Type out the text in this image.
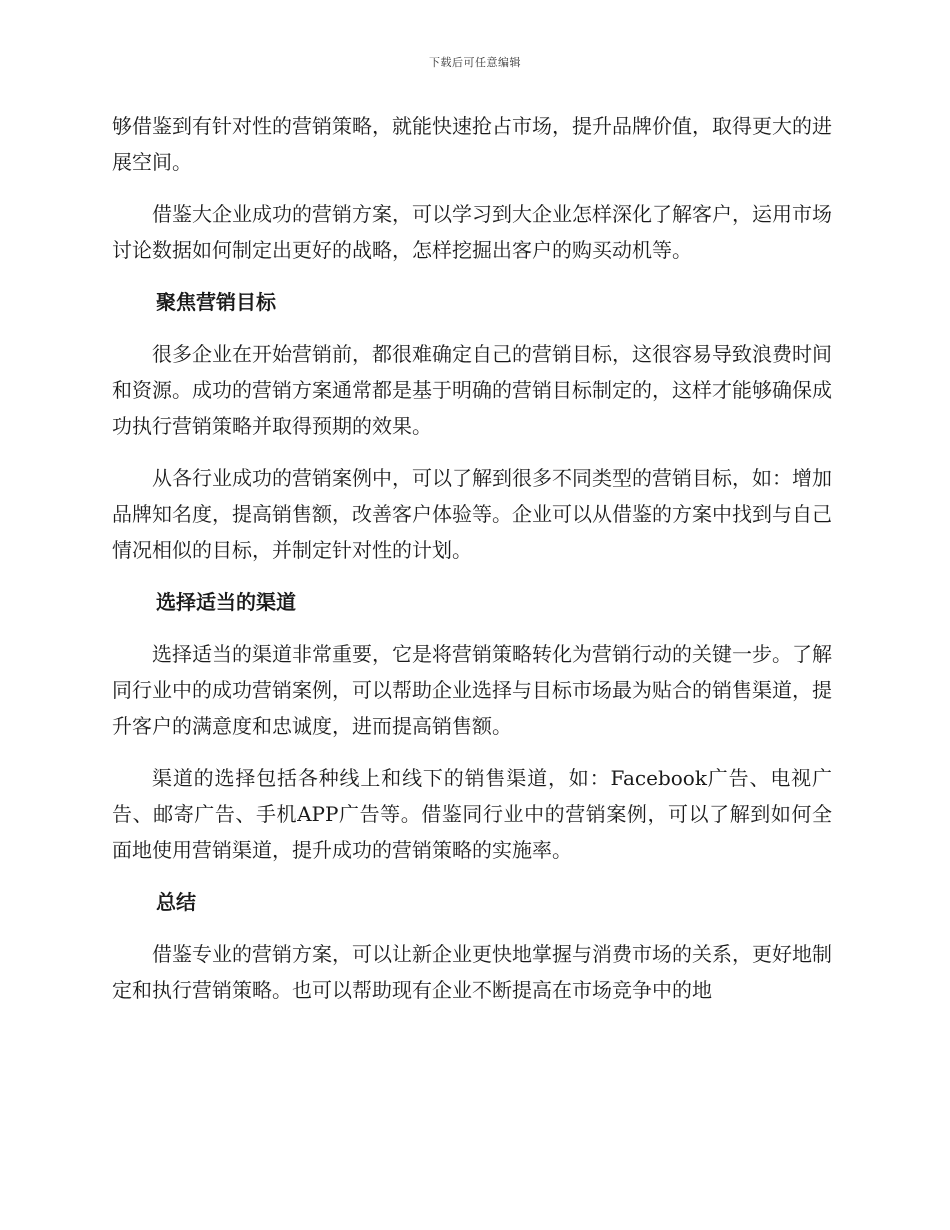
下载后可任意编辑

够借鉴到有针对性的营销策略，就能快速抢占市场，提升品牌价值，取得更大的进展空间。

借鉴大企业成功的营销方案，可以学习到大企业怎样深化了解客户，运用市场讨论数据如何制定出更好的战略，怎样挖掘出客户的购买动机等。

聚焦营销目标

很多企业在开始营销前，都很难确定自己的营销目标，这很容易导致浪费时间和资源。成功的营销方案通常都是基于明确的营销目标制定的，这样才能够确保成功执行营销策略并取得预期的效果。

从各行业成功的营销案例中，可以了解到很多不同类型的营销目标，如：增加品牌知名度，提高销售额，改善客户体验等。企业可以从借鉴的方案中找到与自己情况相似的目标，并制定针对性的计划。

选择适当的渠道

选择适当的渠道非常重要，它是将营销策略转化为营销行动的关键一步。了解同行业中的成功营销案例，可以帮助企业选择与目标市场最为贴合的销售渠道，提升客户的满意度和忠诚度，进而提高销售额。

渠道的选择包括各种线上和线下的销售渠道，如：Facebook广告、电视广告、邮寄广告、手机APP广告等。借鉴同行业中的营销案例，可以了解到如何全面地使用营销渠道，提升成功的营销策略的实施率。

总结

借鉴专业的营销方案，可以让新企业更快地掌握与消费市场的关系，更好地制定和执行营销策略。也可以帮助现有企业不断提高在市场竞争中的地
